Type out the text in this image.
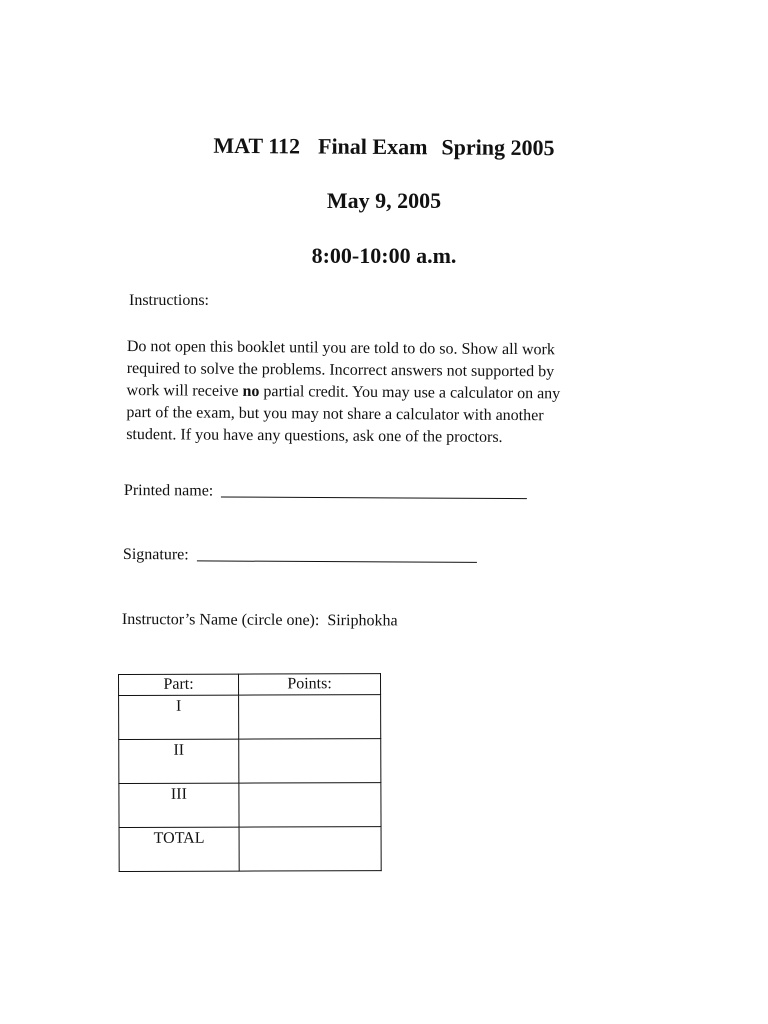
MAT 112 Final Exam Spring 2005
May 9, 2005
8:00-10:00 a.m.
Instructions:
Do not open this booklet until you are told to do so. Show all work
required to solve the problems. Incorrect answers not supported by
work will receive no partial credit. You may use a calculator on any
part of the exam, but you may not share a calculator with another
student. If you have any questions, ask one of the proctors.
Printed name:
Signature:
Instructor’s Name (circle one): Siriphokha
Part:	Points:
I	
II	
III	
TOTAL	
